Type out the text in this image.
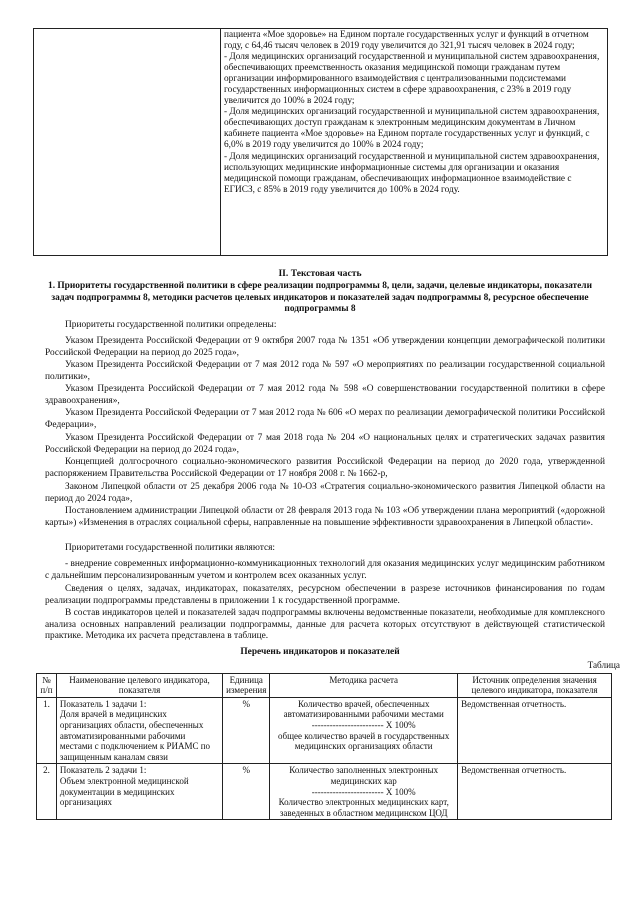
пациента «Мое здоровье» на Едином портале государственных услуг и функций в отчетном году, с 64,46 тысяч человек в 2019 году увеличится до 321,91 тысяч человек в 2024 году;
- Доля медицинских организаций государственной и муниципальной систем здравоохранения, обеспечивающих преемственность оказания медицинской помощи гражданам путем организации информированного взаимодействия с централизованными подсистемами государственных информационных систем в сфере здравоохранения, с 23% в 2019 году увеличится до 100% в 2024 году;
- Доля медицинских организаций государственной и муниципальной систем здравоохранения, обеспечивающих доступ гражданам к электронным медицинским документам в Личном кабинете пациента «Мое здоровье» на Едином портале государственных услуг и функций, с 6,0% в 2019 году увеличится до 100% в 2024 году;
- Доля медицинских организаций государственной и муниципальной систем здравоохранения, использующих медицинские информационные системы для организации и оказания медицинской помощи гражданам, обеспечивающих информационное взаимодействие с ЕГИСЗ, с 85% в 2019 году увеличится до 100% в 2024 году.
II. Текстовая часть
1. Приоритеты государственной политики в сфере реализации подпрограммы 8, цели, задачи, целевые индикаторы, показатели задач подпрограммы 8, методики расчетов целевых индикаторов и показателей задач подпрограммы 8, ресурсное обеспечение подпрограммы 8
Приоритеты государственной политики определены:
Указом Президента Российской Федерации от 9 октября 2007 года № 1351 «Об утверждении концепции демографической политики Российской Федерации на период до 2025 года»,
Указом Президента Российской Федерации от 7 мая 2012 года № 597 «О мероприятиях по реализации государственной социальной политики»,
Указом Президента Российской Федерации от 7 мая 2012 года № 598 «О совершенствовании государственной политики в сфере здравоохранения»,
Указом Президента Российской Федерации от 7 мая 2012 года № 606 «О мерах по реализации демографической политики Российской Федерации»,
Указом Президента Российской Федерации от 7 мая 2018 года № 204 «О национальных целях и стратегических задачах развития Российской Федерации на период до 2024 года»,
Концепцией долгосрочного социально-экономического развития Российской Федерации на период до 2020 года, утвержденной распоряжением Правительства Российской Федерации от 17 ноября 2008 г. № 1662-р,
Законом Липецкой области от 25 декабря 2006 года № 10-ОЗ «Стратегия социально-экономического развития Липецкой области на период до 2024 года»,
Постановлением администрации Липецкой области от 28 февраля 2013 года № 103 «Об утверждении плана мероприятий («дорожной карты») «Изменения в отраслях социальной сферы, направленные на повышение эффективности здравоохранения в Липецкой области».
Приоритетами государственной политики являются:
- внедрение современных информационно-коммуникационных технологий для оказания медицинских услуг медицинским работником с дальнейшим персонализированным учетом и контролем всех оказанных услуг.
Сведения о целях, задачах, индикаторах, показателях, ресурсном обеспечении в разрезе источников финансирования по годам реализации подпрограммы представлены в приложении 1 к государственной программе.
В состав индикаторов целей и показателей задач подпрограммы включены ведомственные показатели, необходимые для комплексного анализа основных направлений реализации подпрограммы, данные для расчета которых отсутствуют в действующей статистической практике. Методика их расчета представлена в таблице.
Перечень индикаторов и показателей
Таблица
№
п/п	Наименование целевого индикатора, показателя	Единица измерения	Методика расчета	Источник определения значения целевого индикатора, показателя
1.	Показатель 1 задачи 1:
Доля врачей в медицинских организациях области, обеспеченных автоматизированными рабочими местами с подключением к РИАМС по защищенным каналам связи	%	Количество врачей, обеспеченных автоматизированными рабочими местами
------------------------ Х 100%
общее количество врачей в государственных медицинских организациях области	Ведомственная отчетность.
2.	Показатель 2 задачи 1:
Объем электронной медицинской документации в медицинских организациях	%	Количество заполненных электронных медицинских кар
------------------------ Х 100%
Количество электронных медицинских карт, заведенных в областном медицинском ЦОД	Ведомственная отчетность.
